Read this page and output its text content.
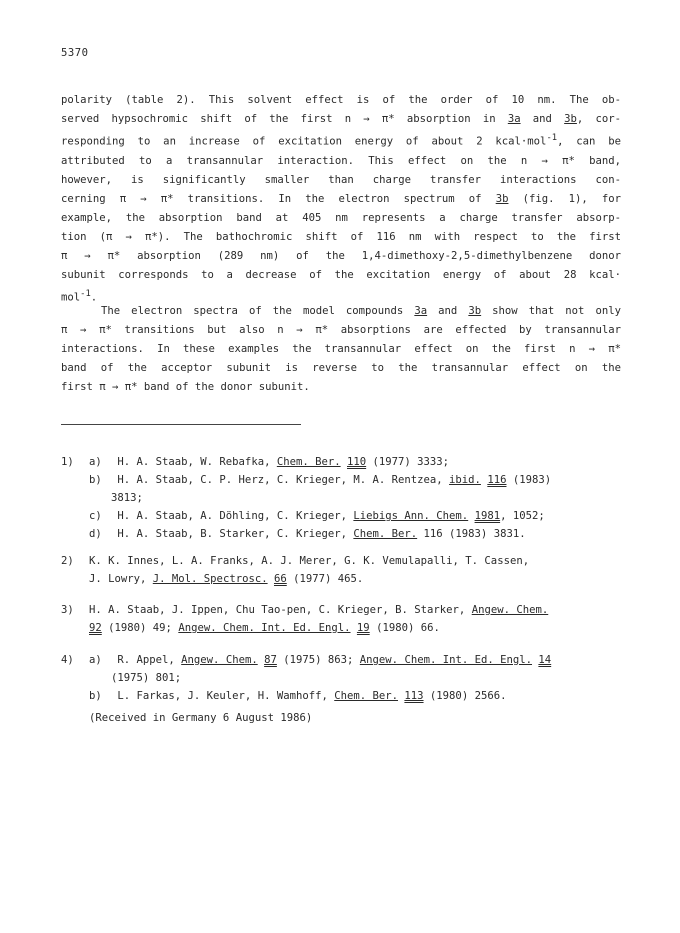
5370
polarity (table 2). This solvent effect is of the order of 10 nm. The ob-
served hypsochromic shift of the first n → π* absorption in 3a and 3b, cor-
responding to an increase of excitation energy of about 2 kcal·mol$^{-1}$, can be
attributed to a transannular interaction. This effect on the n → π* band,
however, is significantly smaller than charge transfer interactions con-
cerning π → π* transitions. In the electron spectrum of 3b (fig. 1), for
example, the absorption band at 405 nm represents a charge transfer absorp-
tion (π → π*). The bathochromic shift of 116 nm with respect to the first
π → π* absorption (289 nm) of the 1,4-dimethoxy-2,5-dimethylbenzene donor
subunit corresponds to a decrease of the excitation energy of about 28 kcal·
mol$^{-1}$.
The electron spectra of the model compounds 3a and 3b show that not only
π → π* transitions but also n → π* absorptions are effected by transannular
interactions. In these examples the transannular effect on the first n → π*
band of the acceptor subunit is reverse to the transannular effect on the
first π → π* band of the donor subunit.
1) a) H. A. Staab, W. Rebafka, Chem. Ber. 110 (1977) 3333;
b) H. A. Staab, C. P. Herz, C. Krieger, M. A. Rentzea, ibid. 116 (1983)
3813;
c) H. A. Staab, A. Döhling, C. Krieger, Liebigs Ann. Chem. 1981, 1052;
d) H. A. Staab, B. Starker, C. Krieger, Chem. Ber. 116 (1983) 3831.
2) K. K. Innes, L. A. Franks, A. J. Merer, G. K. Vemulapalli, T. Cassen,
J. Lowry, J. Mol. Spectrosc. 66 (1977) 465.
3) H. A. Staab, J. Ippen, Chu Tao-pen, C. Krieger, B. Starker, Angew. Chem.
92 (1980) 49; Angew. Chem. Int. Ed. Engl. 19 (1980) 66.
4) a) R. Appel, Angew. Chem. 87 (1975) 863; Angew. Chem. Int. Ed. Engl. 14
(1975) 801;
b) L. Farkas, J. Keuler, H. Wamhoff, Chem. Ber. 113 (1980) 2566.
(Received in Germany 6 August 1986)
